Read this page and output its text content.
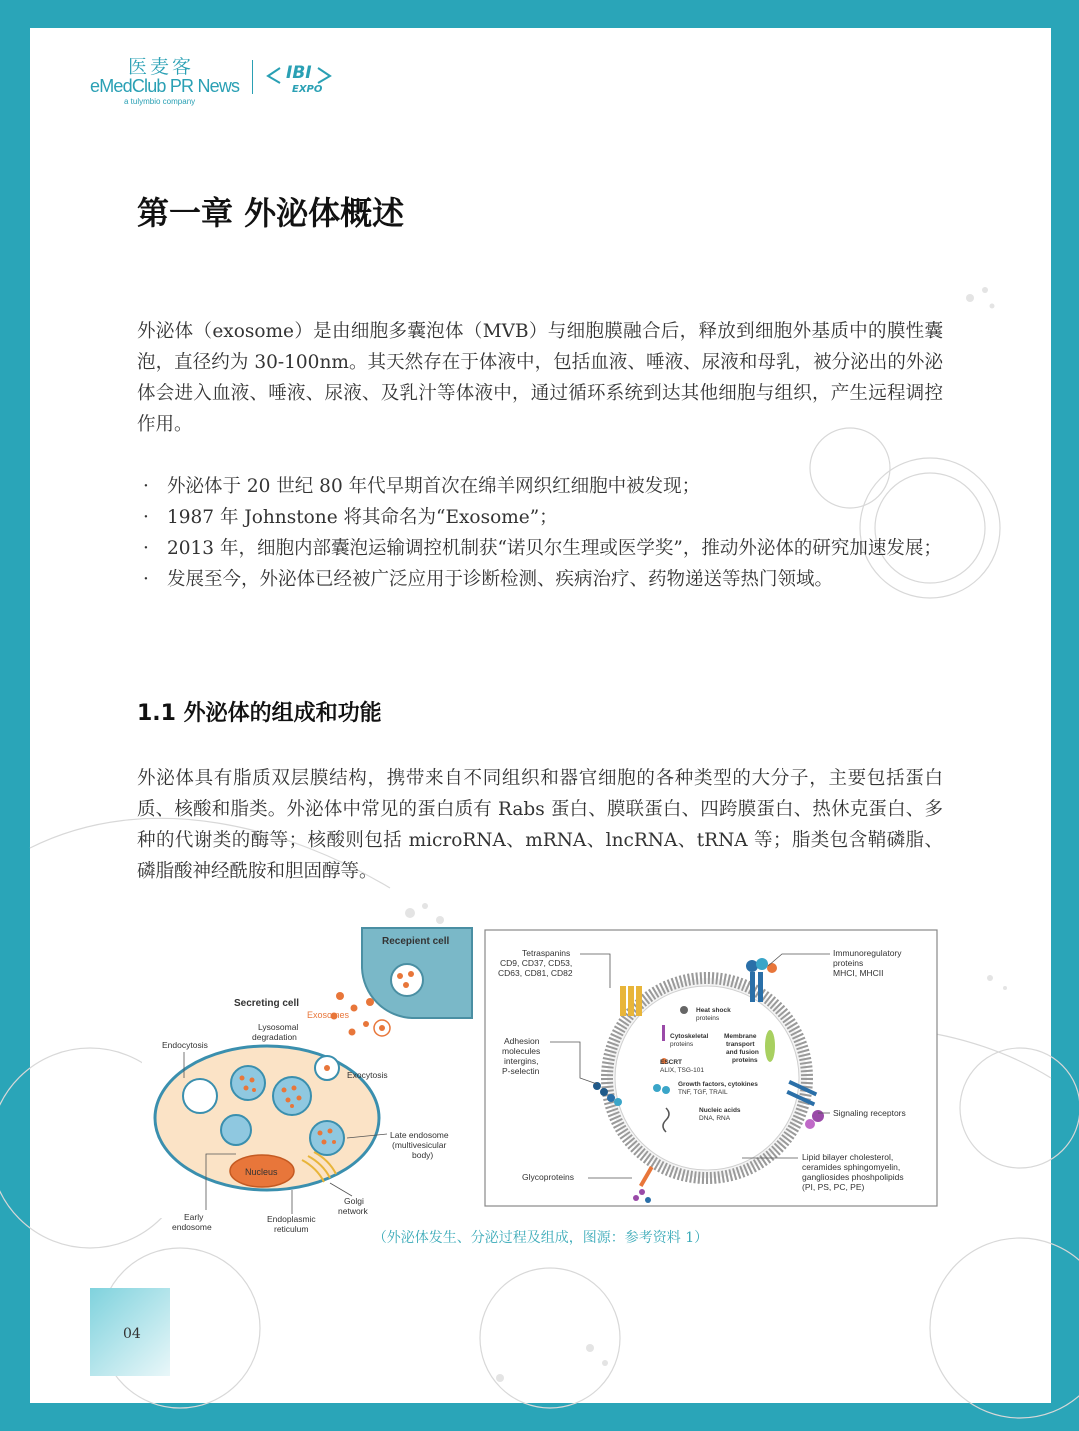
医麦客
eMedClub PR News
a tulymbio company
IBI
EXPO
第一章 外泌体概述
外泌体（exosome）是由细胞多囊泡体（MVB）与细胞膜融合后，释放到细胞外基质中的膜性囊泡，直径约为 30-100nm。其天然存在于体液中，包括血液、唾液、尿液和母乳，被分泌出的外泌体会进入血液、唾液、尿液、及乳汁等体液中，通过循环系统到达其他细胞与组织，产生远程调控作用。
· 外泌体于 20 世纪 80 年代早期首次在绵羊网织红细胞中被发现；
· 1987 年 Johnstone 将其命名为“Exosome”；
· 2013 年，细胞内部囊泡运输调控机制获“诺贝尔生理或医学奖”，推动外泌体的研究加速发展；
· 发展至今，外泌体已经被广泛应用于诊断检测、疾病治疗、药物递送等热门领域。
1.1 外泌体的组成和功能
外泌体具有脂质双层膜结构，携带来自不同组织和器官细胞的各种类型的大分子，主要包括蛋白质、核酸和脂类。外泌体中常见的蛋白质有 Rabs 蛋白、膜联蛋白、四跨膜蛋白、热休克蛋白、多种的代谢类的酶等；核酸则包括 microRNA、mRNA、lncRNA、tRNA 等；脂类包含鞘磷脂、磷脂酸神经酰胺和胆固醇等。
Recepient cell
Exosomes
Secreting cell
Nucleus
Lysosomal
degradation
Endocytosis
Exocytosis
Late endosome
(multivesicular
body)
Golgi
network
Early
endosome
Endoplasmic
reticulum
Tetraspanins
CD9, CD37, CD53,
CD63, CD81, CD82
Immunoregulatory
proteins
MHCI, MHCII
Adhesion
molecules
intergins,
P-selectin
Signaling receptors
Glycoproteins
Lipid bilayer cholesterol,
ceramides sphingomyelin,
gangliosides phoshpolipids
(PI, PS, PC, PE)
Heat shock
proteins
Cytoskeletal
proteins
Membrane
transport
and fusion
proteins
ESCRT
ALIX, TSG-101
Growth factors, cytokines
TNF, TGF, TRAIL
Nucleic acids
DNA, RNA
（外泌体发生、分泌过程及组成，图源：参考资料 1）
04
